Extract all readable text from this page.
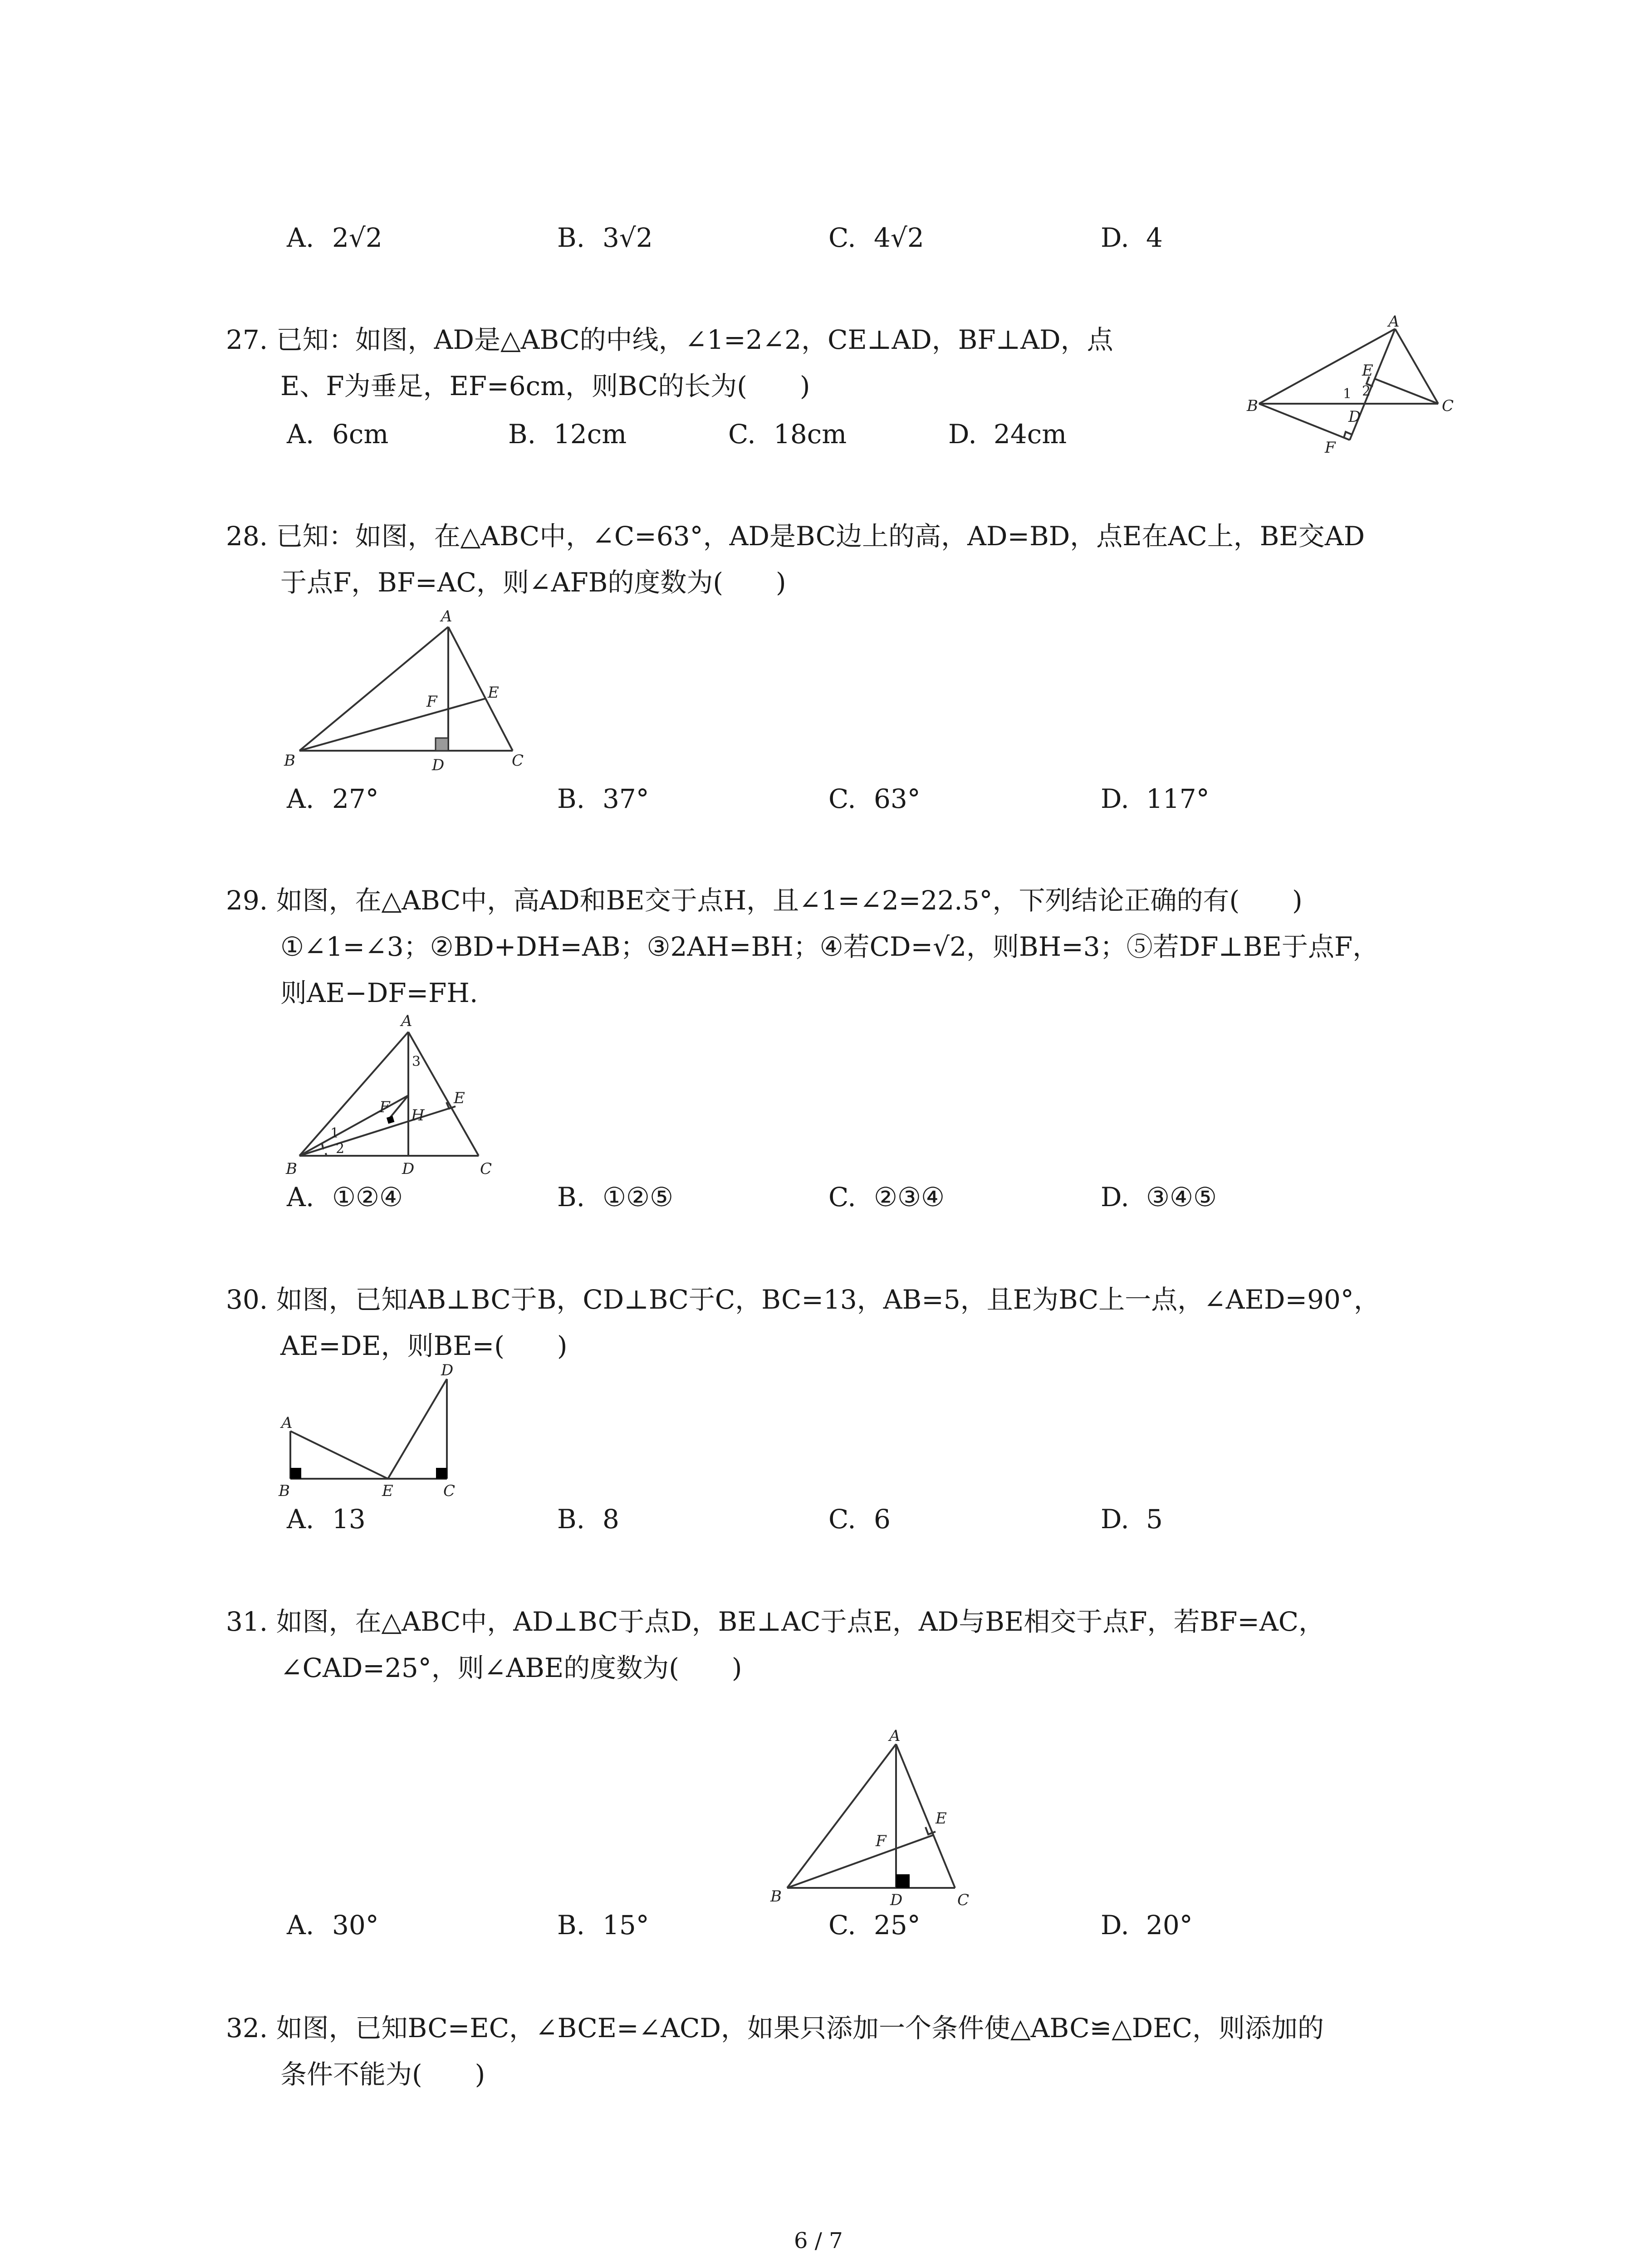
A. 2√2	B. 3√2	C. 4√2	D. 4
27. 已知：如图，AD是△ABC的中线，∠1=2∠2，CE⊥AD，BF⊥AD，点
E、F为垂足，EF=6cm，则BC的长为(　　)
A. 6cm	B. 12cm	C. 18cm	D. 24cm
A
B	C
D
E
F
1 2
28. 已知：如图，在△ABC中，∠C=63°，AD是BC边上的高，AD=BD，点E在AC上，BE交AD
于点F，BF=AC，则∠AFB的度数为(　　)
A
B	C
D
E
F
A. 27°	B. 37°	C. 63°	D. 117°
29. 如图，在△ABC中，高AD和BE交于点H，且∠1=∠2=22.5°，下列结论正确的有(　　)
①∠1=∠3；②BD+DH=AB；③2AH=BH；④若CD=√2，则BH=3；⑤若DF⊥BE于点F，
则AE−DF=FH.
A
B	C
D
E
F H
1
2
3
A. ①②④	B. ①②⑤	C. ②③④	D. ③④⑤
30. 如图，已知AB⊥BC于B，CD⊥BC于C，BC=13，AB=5，且E为BC上一点，∠AED=90°，
AE=DE，则BE=(　　)
A
B	C
D
E
A. 13	B. 8	C. 6	D. 5
31. 如图，在△ABC中，AD⊥BC于点D，BE⊥AC于点E，AD与BE相交于点F，若BF=AC，
∠CAD=25°，则∠ABE的度数为(　　)
A
B	C
D
E
F
A. 30°	B. 15°	C. 25°	D. 20°
32. 如图，已知BC=EC，∠BCE=∠ACD，如果只添加一个条件使△ABC≌△DEC，则添加的
条件不能为(　　)
6 / 7
